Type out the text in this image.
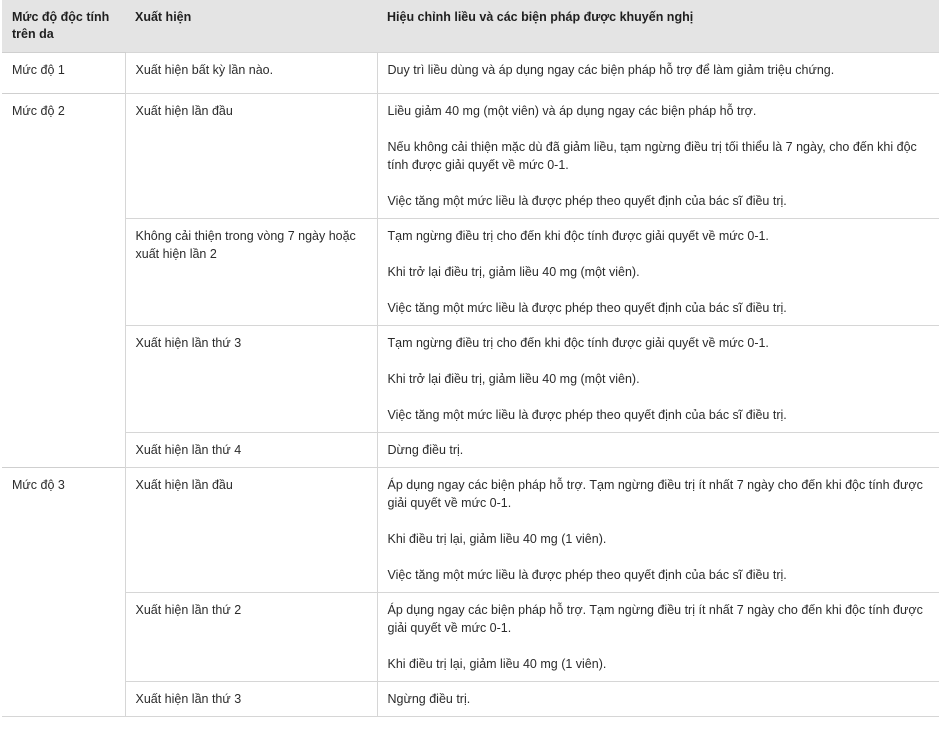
Mức độ độc tính trên da	Xuất hiện	Hiệu chỉnh liều và các biện pháp được khuyến nghị
Mức độ 1	Xuất hiện bất kỳ lần nào.	Duy trì liều dùng và áp dụng ngay các biện pháp hỗ trợ để làm giảm triệu chứng.

Mức độ 2	Xuất hiện lần đầu	Liều giảm 40 mg (một viên) và áp dụng ngay các biện pháp hỗ trợ.

Nếu không cải thiện mặc dù đã giảm liều, tạm ngừng điều trị tối thiểu là 7 ngày, cho đến khi độc tính được giải quyết về mức 0-1.

Việc tăng một mức liều là được phép theo quyết định của bác sĩ điều trị.

	Không cải thiện trong vòng 7 ngày hoặc xuất hiện lần 2	Tạm ngừng điều trị cho đến khi độc tính được giải quyết về mức 0-1.

Khi trở lại điều trị, giảm liều 40 mg (một viên).

Việc tăng một mức liều là được phép theo quyết định của bác sĩ điều trị.

	Xuất hiện lần thứ 3	Tạm ngừng điều trị cho đến khi độc tính được giải quyết về mức 0-1.

Khi trở lại điều trị, giảm liều 40 mg (một viên).

Việc tăng một mức liều là được phép theo quyết định của bác sĩ điều trị.

	Xuất hiện lần thứ 4	Dừng điều trị.

Mức độ 3	Xuất hiện lần đầu	Áp dụng ngay các biện pháp hỗ trợ. Tạm ngừng điều trị ít nhất 7 ngày cho đến khi độc tính được giải quyết về mức 0-1.

Khi điều trị lại, giảm liều 40 mg (1 viên).

Việc tăng một mức liều là được phép theo quyết định của bác sĩ điều trị.

	Xuất hiện lần thứ 2	Áp dụng ngay các biện pháp hỗ trợ. Tạm ngừng điều trị ít nhất 7 ngày cho đến khi độc tính được giải quyết về mức 0-1.

Khi điều trị lại, giảm liều 40 mg (1 viên).

	Xuất hiện lần thứ 3	Ngừng điều trị.
